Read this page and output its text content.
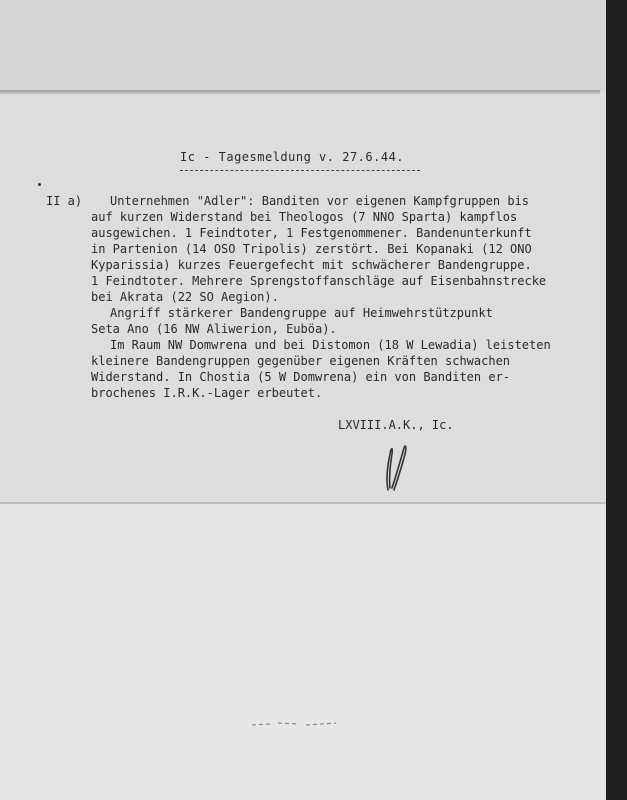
Ic - Tagesmeldung v. 27.6.44.
II a) Unternehmen "Adler": Banditen vor eigenen Kampfgruppen bis
auf kurzen Widerstand bei Theologos (7 NNO Sparta) kampflos
ausgewichen. 1 Feindtoter, 1 Festgenommener. Bandenunterkunft
in Partenion (14 OSO Tripolis) zerstört. Bei Kopanaki (12 ONO
Kyparissia) kurzes Feuergefecht mit schwächerer Bandengruppe.
1 Feindtoter. Mehrere Sprengstoffanschläge auf Eisenbahnstrecke
bei Akrata (22 SO Aegion).
Angriff stärkerer Bandengruppe auf Heimwehrstützpunkt
Seta Ano (16 NW Aliwerion, Euböa).
Im Raum NW Domwrena und bei Distomon (18 W Lewadia) leisteten
kleinere Bandengruppen gegenüber eigenen Kräften schwachen
Widerstand. In Chostia (5 W Domwrena) ein von Banditen er-
brochenes I.R.K.-Lager erbeutet.
LXVIII.A.K., Ic.
